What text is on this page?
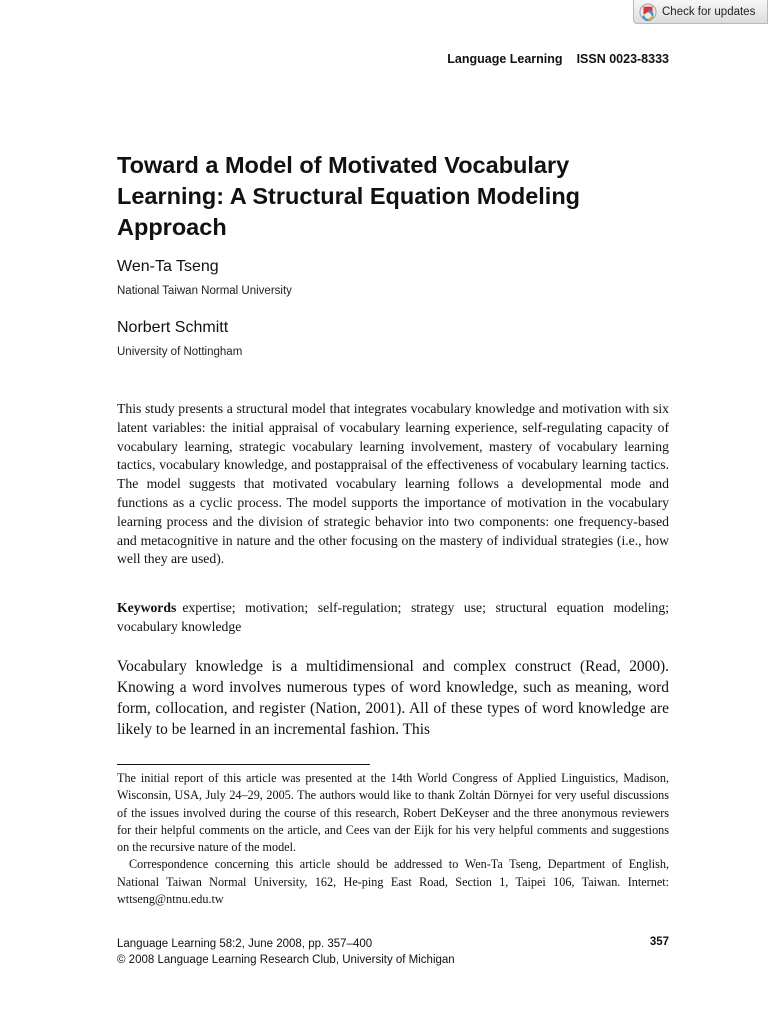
Check for updates
Language Learning ISSN 0023-8333
Toward a Model of Motivated Vocabulary Learning: A Structural Equation Modeling Approach
Wen-Ta Tseng
National Taiwan Normal University
Norbert Schmitt
University of Nottingham

This study presents a structural model that integrates vocabulary knowledge and motivation with six latent variables: the initial appraisal of vocabulary learning experience, self-regulating capacity of vocabulary learning, strategic vocabulary learning involvement, mastery of vocabulary learning tactics, vocabulary knowledge, and postappraisal of the effectiveness of vocabulary learning tactics. The model suggests that motivated vocabulary learning follows a developmental mode and functions as a cyclic process. The model supports the importance of motivation in the vocabulary learning process and the division of strategic behavior into two components: one frequency-based and metacognitive in nature and the other focusing on the mastery of individual strategies (i.e., how well they are used).

Keywords expertise; motivation; self-regulation; strategy use; structural equation modeling; vocabulary knowledge

Vocabulary knowledge is a multidimensional and complex construct (Read, 2000). Knowing a word involves numerous types of word knowledge, such as meaning, word form, collocation, and register (Nation, 2001). All of these types of word knowledge are likely to be learned in an incremental fashion. This

The initial report of this article was presented at the 14th World Congress of Applied Linguistics, Madison, Wisconsin, USA, July 24–29, 2005. The authors would like to thank Zoltán Dörnyei for very useful discussions of the issues involved during the course of this research, Robert DeKeyser and the three anonymous reviewers for their helpful comments on the article, and Cees van der Eijk for his very helpful comments and suggestions on the recursive nature of the model.

Correspondence concerning this article should be addressed to Wen-Ta Tseng, Department of English, National Taiwan Normal University, 162, He-ping East Road, Section 1, Taipei 106, Taiwan. Internet: wttseng@ntnu.edu.tw

Language Learning 58:2, June 2008, pp. 357–400
© 2008 Language Learning Research Club, University of Michigan
357
